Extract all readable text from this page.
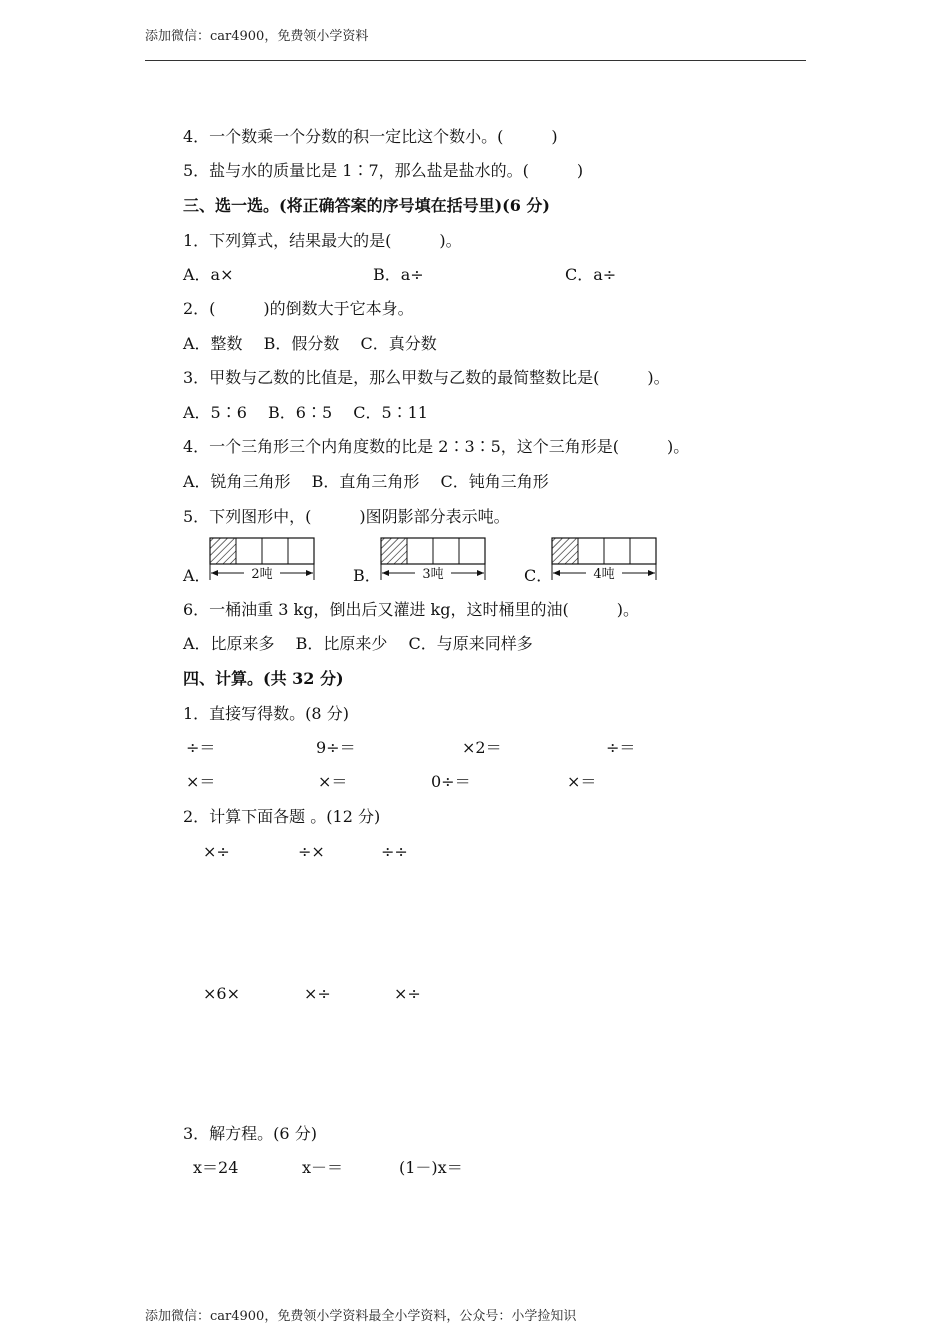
添加微信：car4900，免费领小学资料
4．一个数乘一个分数的积一定比这个数小。(　　　)
5．盐与水的质量比是 1∶7，那么盐是盐水的。(　　　)
三、选一选。(将正确答案的序号填在括号里)(6 分)
1．下列算式，结果最大的是(　　　)。
A．a×	B．a÷	C．a÷
2．(　　　)的倒数大于它本身。
A．整数　 B．假分数　 C．真分数
3．甲数与乙数的比值是，那么甲数与乙数的最简整数比是(　　　)。
A．5∶6　 B．6∶5　 C．5∶11
4．一个三角形三个内角度数的比是 2∶3∶5，这个三角形是(　　　)。
A．锐角三角形　 B．直角三角形　 C．钝角三角形
5．下列图形中，(　　　)图阴影部分表示吨。
A．	2吨	B．	3吨	C．	4吨
6．一桶油重 3 kg，倒出后又灌进 kg，这时桶里的油(　　　)。
A．比原来多　 B．比原来少　 C．与原来同样多
四、计算。(共 32 分)
1．直接写得数。(8 分)
÷＝	9÷＝	×2＝	÷＝
×＝	×＝	0÷＝	×＝
2．计算下面各题 。(12 分)
×÷	÷×	÷÷
×6×	×÷	×÷
3．解方程。(6 分)
x＝24	x－＝	(1－)x＝
添加微信：car4900，免费领小学资料最全小学资料，公众号：小学捡知识
